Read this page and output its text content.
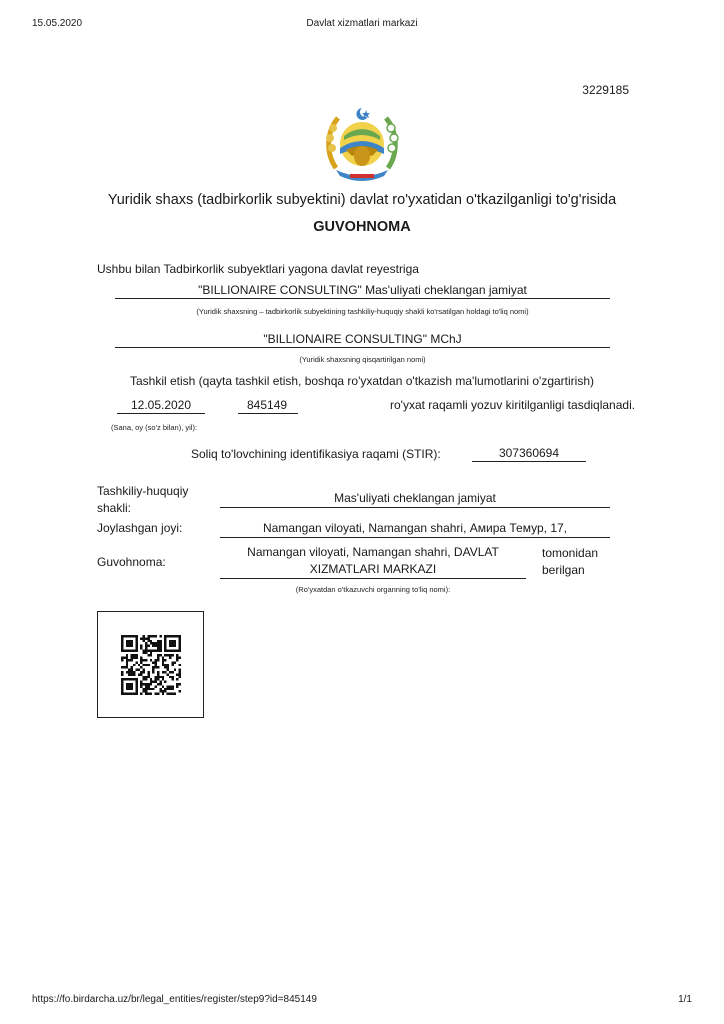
15.05.2020	Davlat xizmatlari markazi
3229185
Yuridik shaxs (tadbirkorlik subyektini) davlat ro'yxatidan o'tkazilganligi to'g'risida
GUVOHNOMA
Ushbu bilan Tadbirkorlik subyektlari yagona davlat reyestriga
"BILLIONAIRE CONSULTING" Mas'uliyati cheklangan jamiyat
(Yuridik shaxsning – tadbirkorlik subyektining tashkiliy-huquqiy shakli ko'rsatilgan holdagi to'liq nomi)
"BILLIONAIRE CONSULTING" MChJ
(Yuridik shaxsning qisqartirilgan nomi)
Tashkil etish (qayta tashkil etish, boshqa ro'yxatdan o'tkazish ma'lumotlarini o'zgartirish)
12.05.2020	845149	ro'yxat raqamli yozuv kiritilganligi tasdiqlanadi.
(Sana, oy (so'z bilan), yil):
Soliq to'lovchining identifikasiya raqami (STIR):	307360694
Tashkiliy-huquqiy
shakli:
Mas'uliyati cheklangan jamiyat
Joylashgan joyi:	Namangan viloyati, Namangan shahri, Амира Темур, 17,
Guvohnoma:
Namangan viloyati, Namangan shahri, DAVLAT
XIZMATLARI MARKAZI
tomonidan
berilgan
(Ro'yxatdan o'tkazuvchi organning to'liq nomi):
https://fo.birdarcha.uz/br/legal_entities/register/step9?id=845149	1/1
